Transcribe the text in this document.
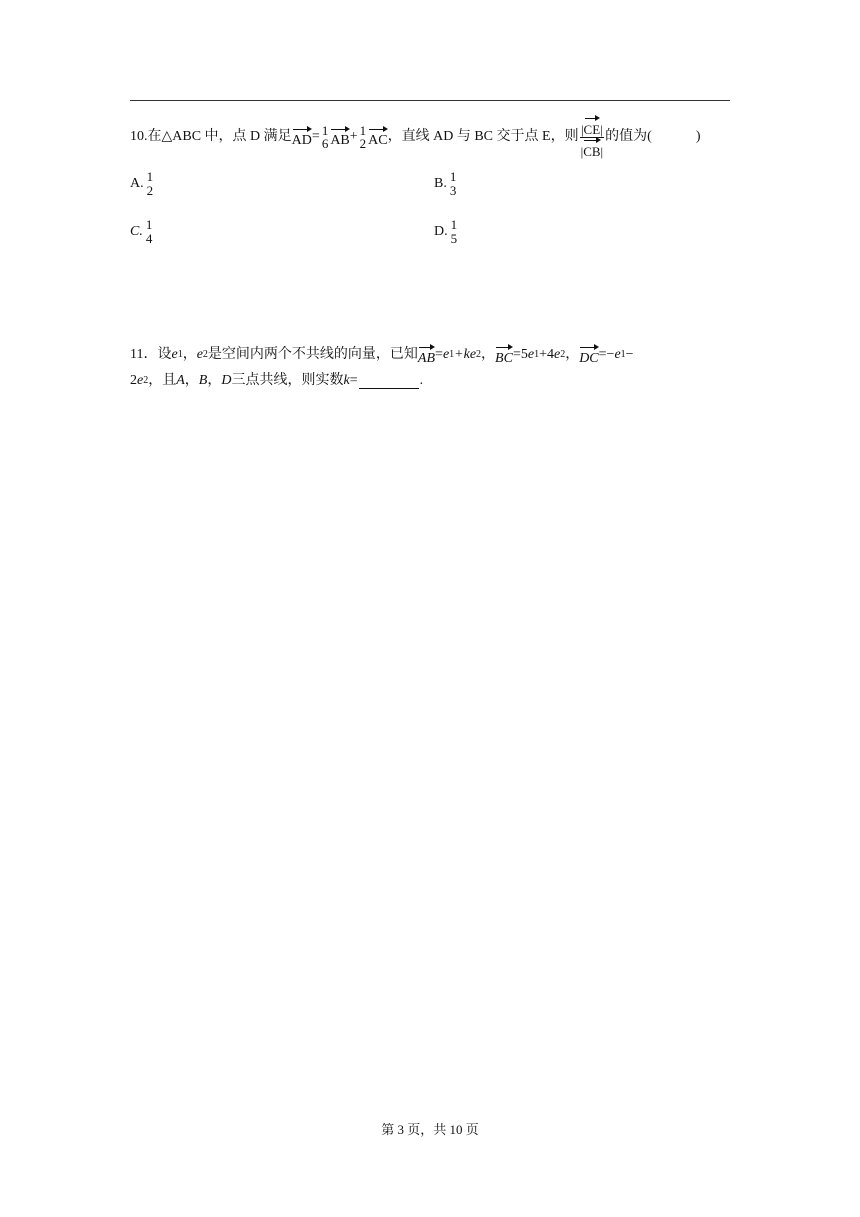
10. 在△ABC 中，点 D 满足 AD = 1
6 AB + 1
2 AC ，直线 AD 与 BC 交于点 E，则 $\frac{|CE|}{|CB|}$ 的值为(	)
A. 1
2	B. 1
3
C. 1
4	D. 1
5
11．设 e 1 ， e 2 是空间内两个不共线的向量，已知 AB = e 1 +k e 2 ， BC =5 e 1 +4 e 2 ， DC =− e 1 −
2 e 2 ，且 A ， B ， D 三点共线，则实数 k =	.
第 3 页，共 10 页
